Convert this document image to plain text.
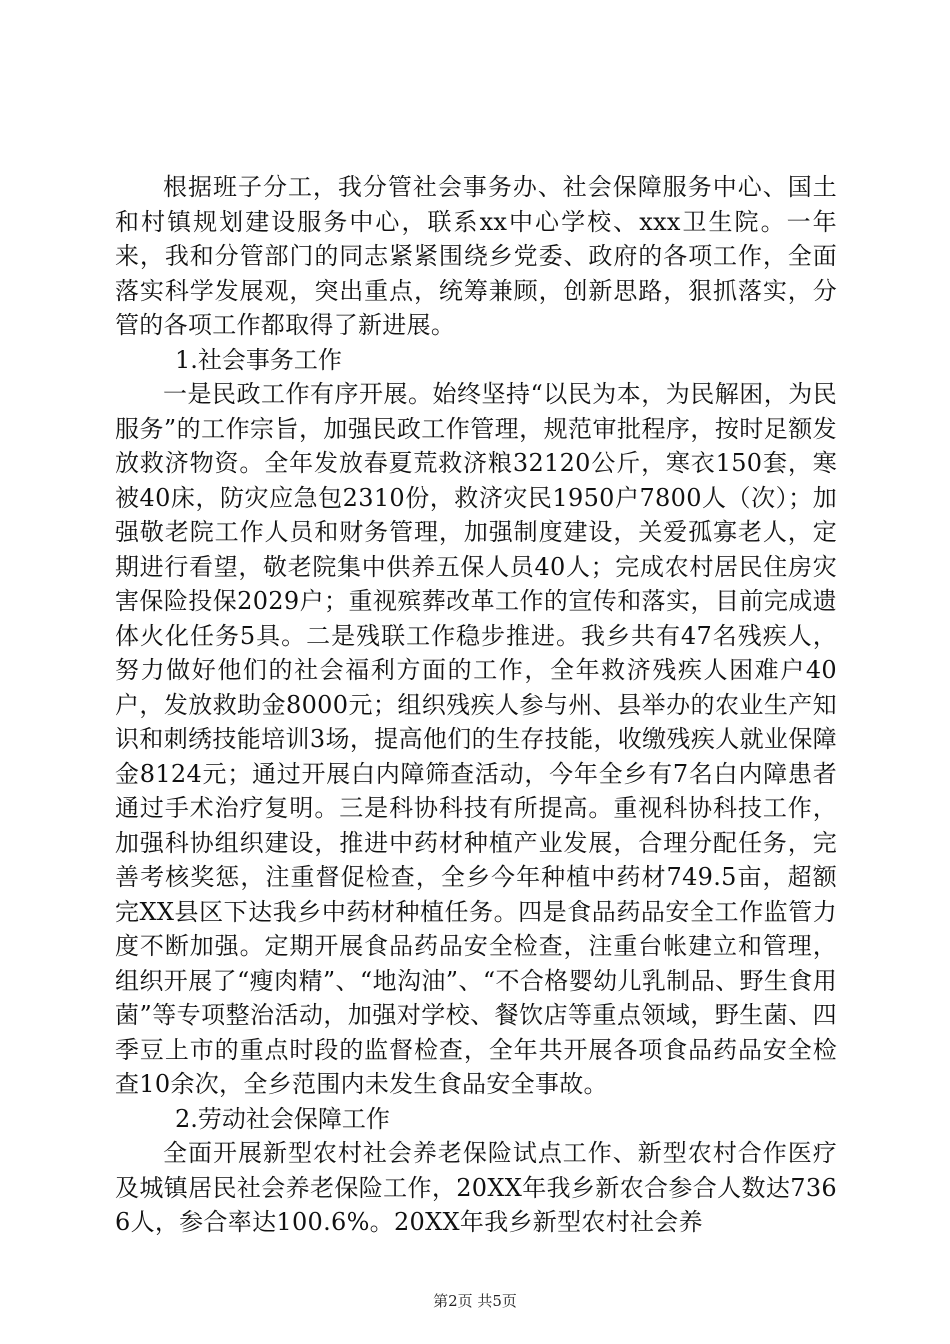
根据班子分工，我分管社会事务办、社会保障服务中心、国土和村镇规划建设服务中心，联系xx中心学校、xxx卫生院。一年来，我和分管部门的同志紧紧围绕乡党委、政府的各项工作，全面落实科学发展观，突出重点，统筹兼顾，创新思路，狠抓落实，分管的各项工作都取得了新进展。

1.社会事务工作

一是民政工作有序开展。始终坚持“以民为本，为民解困，为民服务”的工作宗旨，加强民政工作管理，规范审批程序，按时足额发放救济物资。全年发放春夏荒救济粮32120公斤，寒衣150套，寒被40床，防灾应急包2310份，救济灾民1950户7800人（次）；加强敬老院工作人员和财务管理，加强制度建设，关爱孤寡老人，定期进行看望，敬老院集中供养五保人员40人；完成农村居民住房灾害保险投保2029户；重视殡葬改革工作的宣传和落实，目前完成遗体火化任务5具。二是残联工作稳步推进。我乡共有47名残疾人，努力做好他们的社会福利方面的工作，全年救济残疾人困难户40户，发放救助金8000元；组织残疾人参与州、县举办的农业生产知识和刺绣技能培训3场，提高他们的生存技能，收缴残疾人就业保障金8124元；通过开展白内障筛查活动，今年全乡有7名白内障患者通过手术治疗复明。三是科协科技有所提高。重视科协科技工作，加强科协组织建设，推进中药材种植产业发展，合理分配任务，完善考核奖惩，注重督促检查，全乡今年种植中药材749.5亩，超额完XX县区下达我乡中药材种植任务。四是食品药品安全工作监管力度不断加强。定期开展食品药品安全检查，注重台帐建立和管理，组织开展了“瘦肉精”、“地沟油”、“不合格婴幼儿乳制品、野生食用菌”等专项整治活动，加强对学校、餐饮店等重点领域，野生菌、四季豆上市的重点时段的监督检查，全年共开展各项食品药品安全检查10余次，全乡范围内未发生食品安全事故。

2.劳动社会保障工作

全面开展新型农村社会养老保险试点工作、新型农村合作医疗及城镇居民社会养老保险工作，20XX年我乡新农合参合人数达7366人，参合率达100.6%。20XX年我乡新型农村社会养

第2页 共5页
